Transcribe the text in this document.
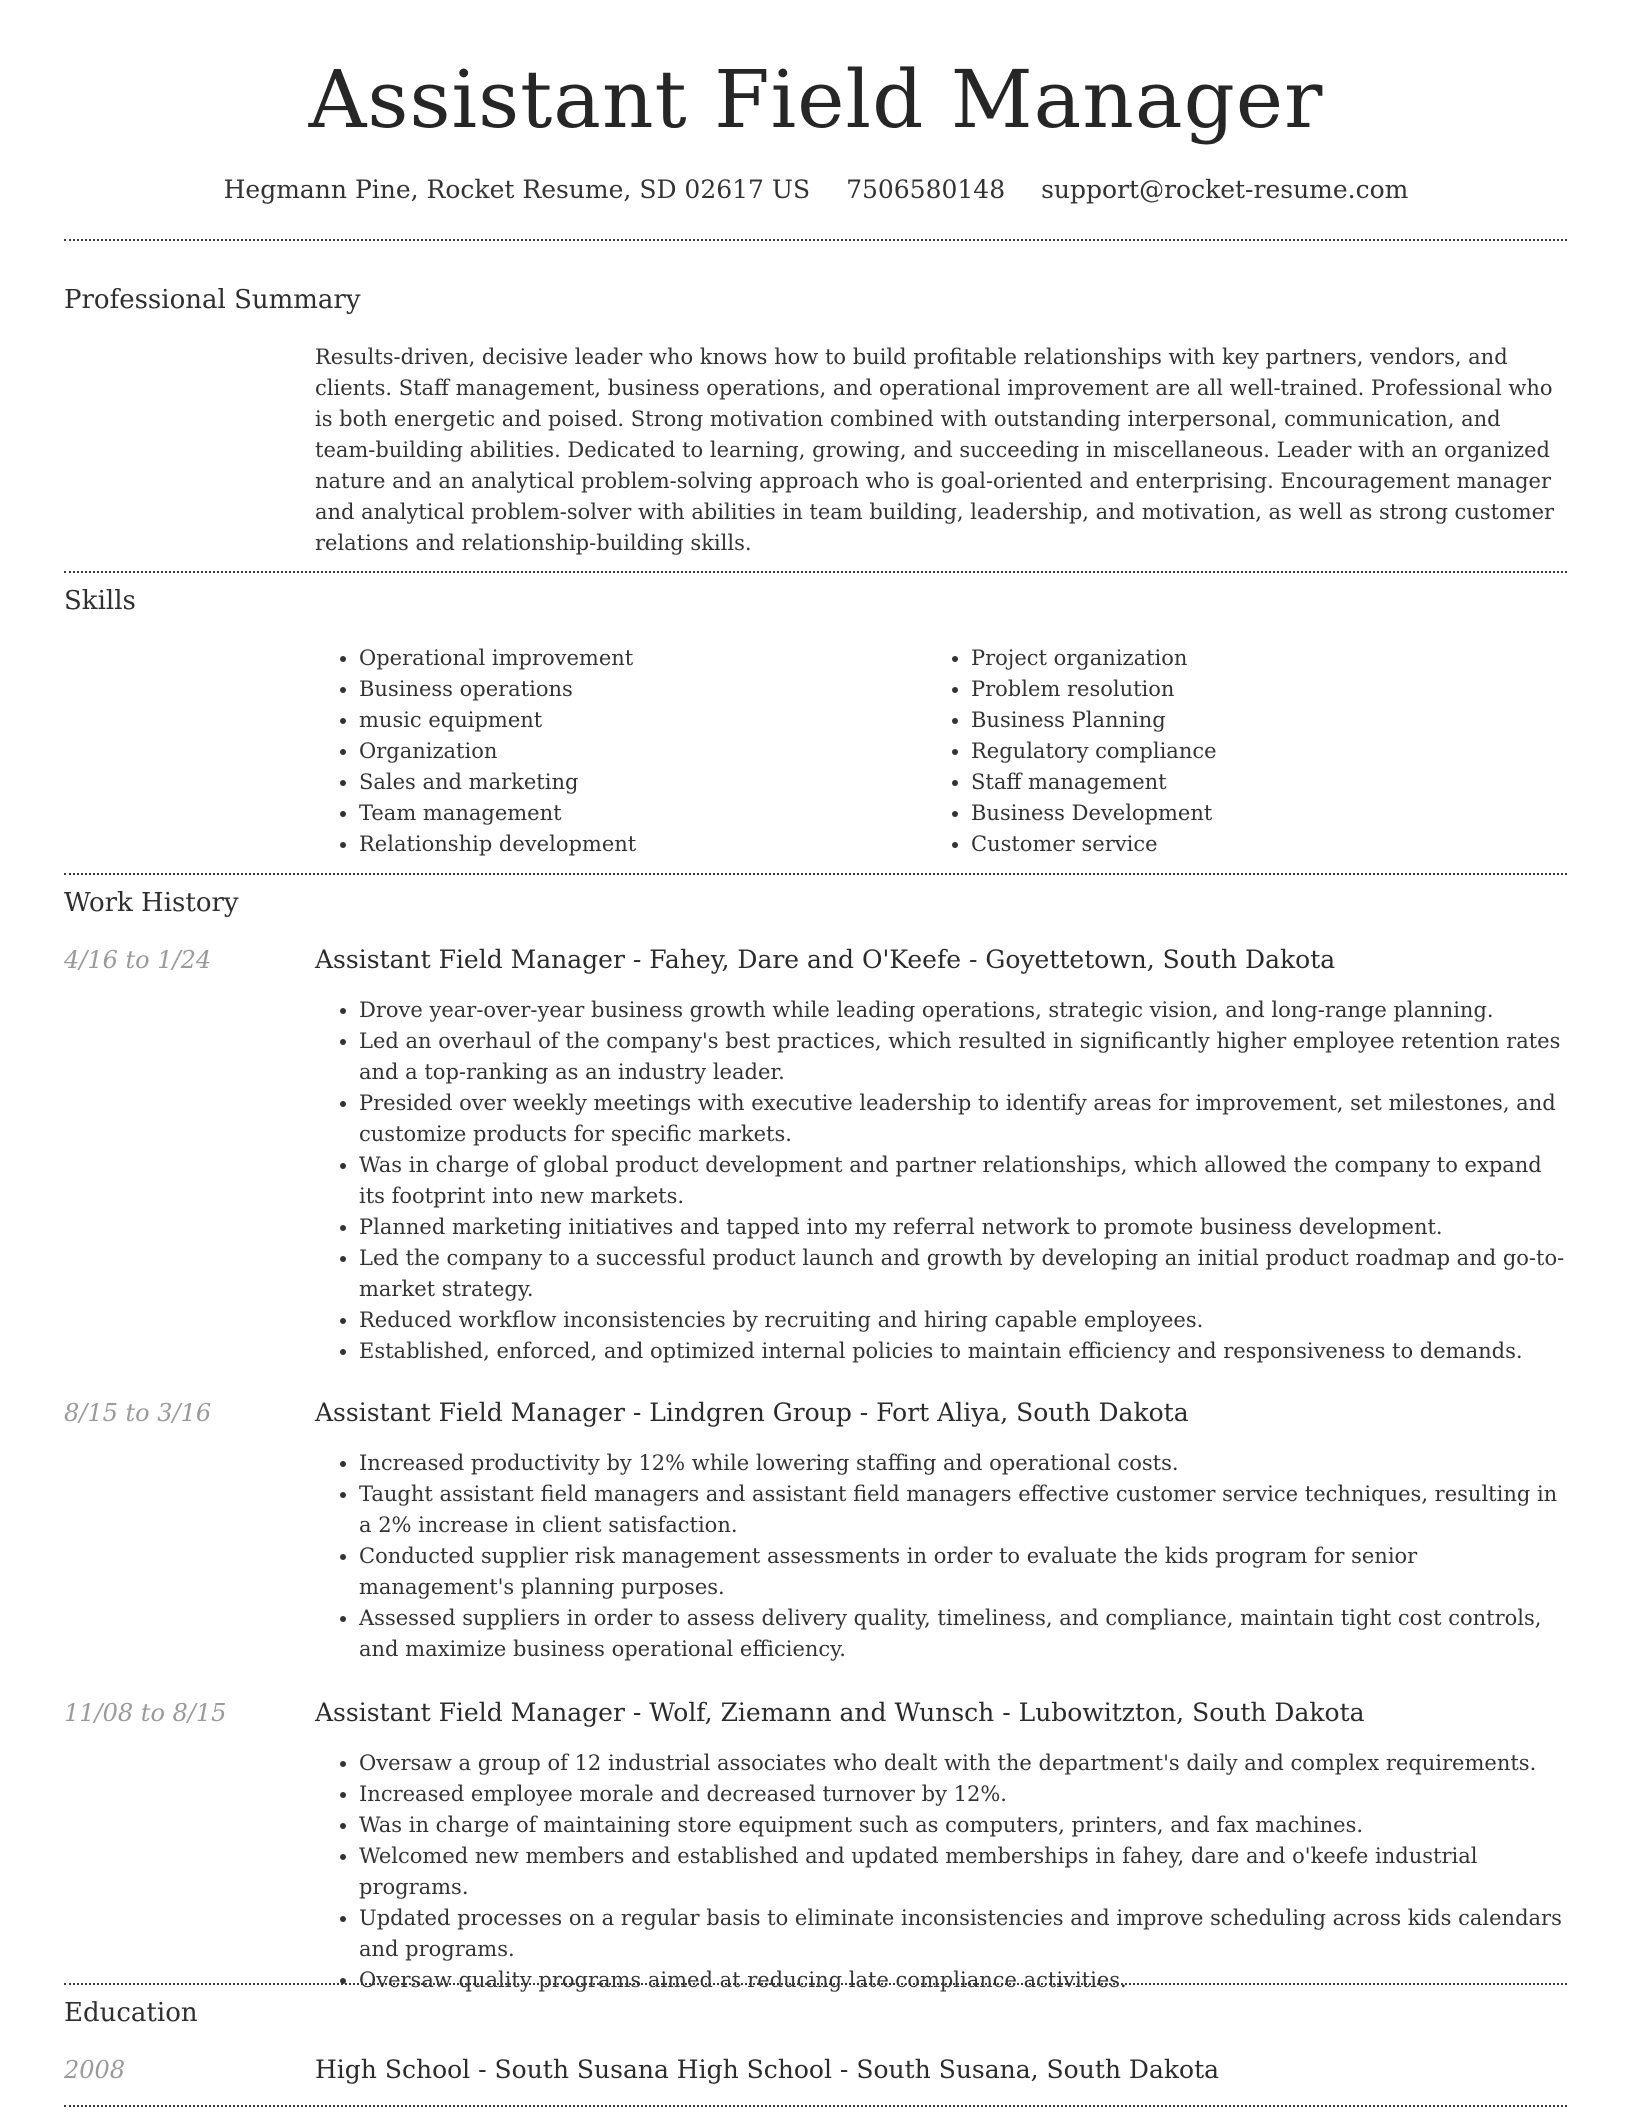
Assistant Field Manager
Hegmann Pine, Rocket Resume, SD 02617 US 7506580148 support@rocket-resume.com
Professional Summary
Results-driven, decisive leader who knows how to build profitable relationships with key partners, vendors, and clients. Staff management, business operations, and operational improvement are all well-trained. Professional who is both energetic and poised. Strong motivation combined with outstanding interpersonal, communication, and team-building abilities. Dedicated to learning, growing, and succeeding in miscellaneous. Leader with an organized nature and an analytical problem-solving approach who is goal-oriented and enterprising. Encouragement manager and analytical problem-solver with abilities in team building, leadership, and motivation, as well as strong customer relations and relationship-building skills.
Skills
• Operational improvement
• Business operations
• music equipment
• Organization
• Sales and marketing
• Team management
• Relationship development
• Project organization
• Problem resolution
• Business Planning
• Regulatory compliance
• Staff management
• Business Development
• Customer service
Work History
4/16 to 1/24	Assistant Field Manager - Fahey, Dare and O'Keefe - Goyettetown, South Dakota
• Drove year-over-year business growth while leading operations, strategic vision, and long-range planning.
• Led an overhaul of the company's best practices, which resulted in significantly higher employee retention rates and a top-ranking as an industry leader.
• Presided over weekly meetings with executive leadership to identify areas for improvement, set milestones, and customize products for specific markets.
• Was in charge of global product development and partner relationships, which allowed the company to expand its footprint into new markets.
• Planned marketing initiatives and tapped into my referral network to promote business development.
• Led the company to a successful product launch and growth by developing an initial product roadmap and go-to-market strategy.
• Reduced workflow inconsistencies by recruiting and hiring capable employees.
• Established, enforced, and optimized internal policies to maintain efficiency and responsiveness to demands.
8/15 to 3/16	Assistant Field Manager - Lindgren Group - Fort Aliya, South Dakota
• Increased productivity by 12% while lowering staffing and operational costs.
• Taught assistant field managers and assistant field managers effective customer service techniques, resulting in a 2% increase in client satisfaction.
• Conducted supplier risk management assessments in order to evaluate the kids program for senior management's planning purposes.
• Assessed suppliers in order to assess delivery quality, timeliness, and compliance, maintain tight cost controls, and maximize business operational efficiency.
11/08 to 8/15	Assistant Field Manager - Wolf, Ziemann and Wunsch - Lubowitzton, South Dakota
• Oversaw a group of 12 industrial associates who dealt with the department's daily and complex requirements.
• Increased employee morale and decreased turnover by 12%.
• Was in charge of maintaining store equipment such as computers, printers, and fax machines.
• Welcomed new members and established and updated memberships in fahey, dare and o'keefe industrial programs.
• Updated processes on a regular basis to eliminate inconsistencies and improve scheduling across kids calendars and programs.
• Oversaw quality programs aimed at reducing late compliance activities.
Education
2008	High School - South Susana High School - South Susana, South Dakota
